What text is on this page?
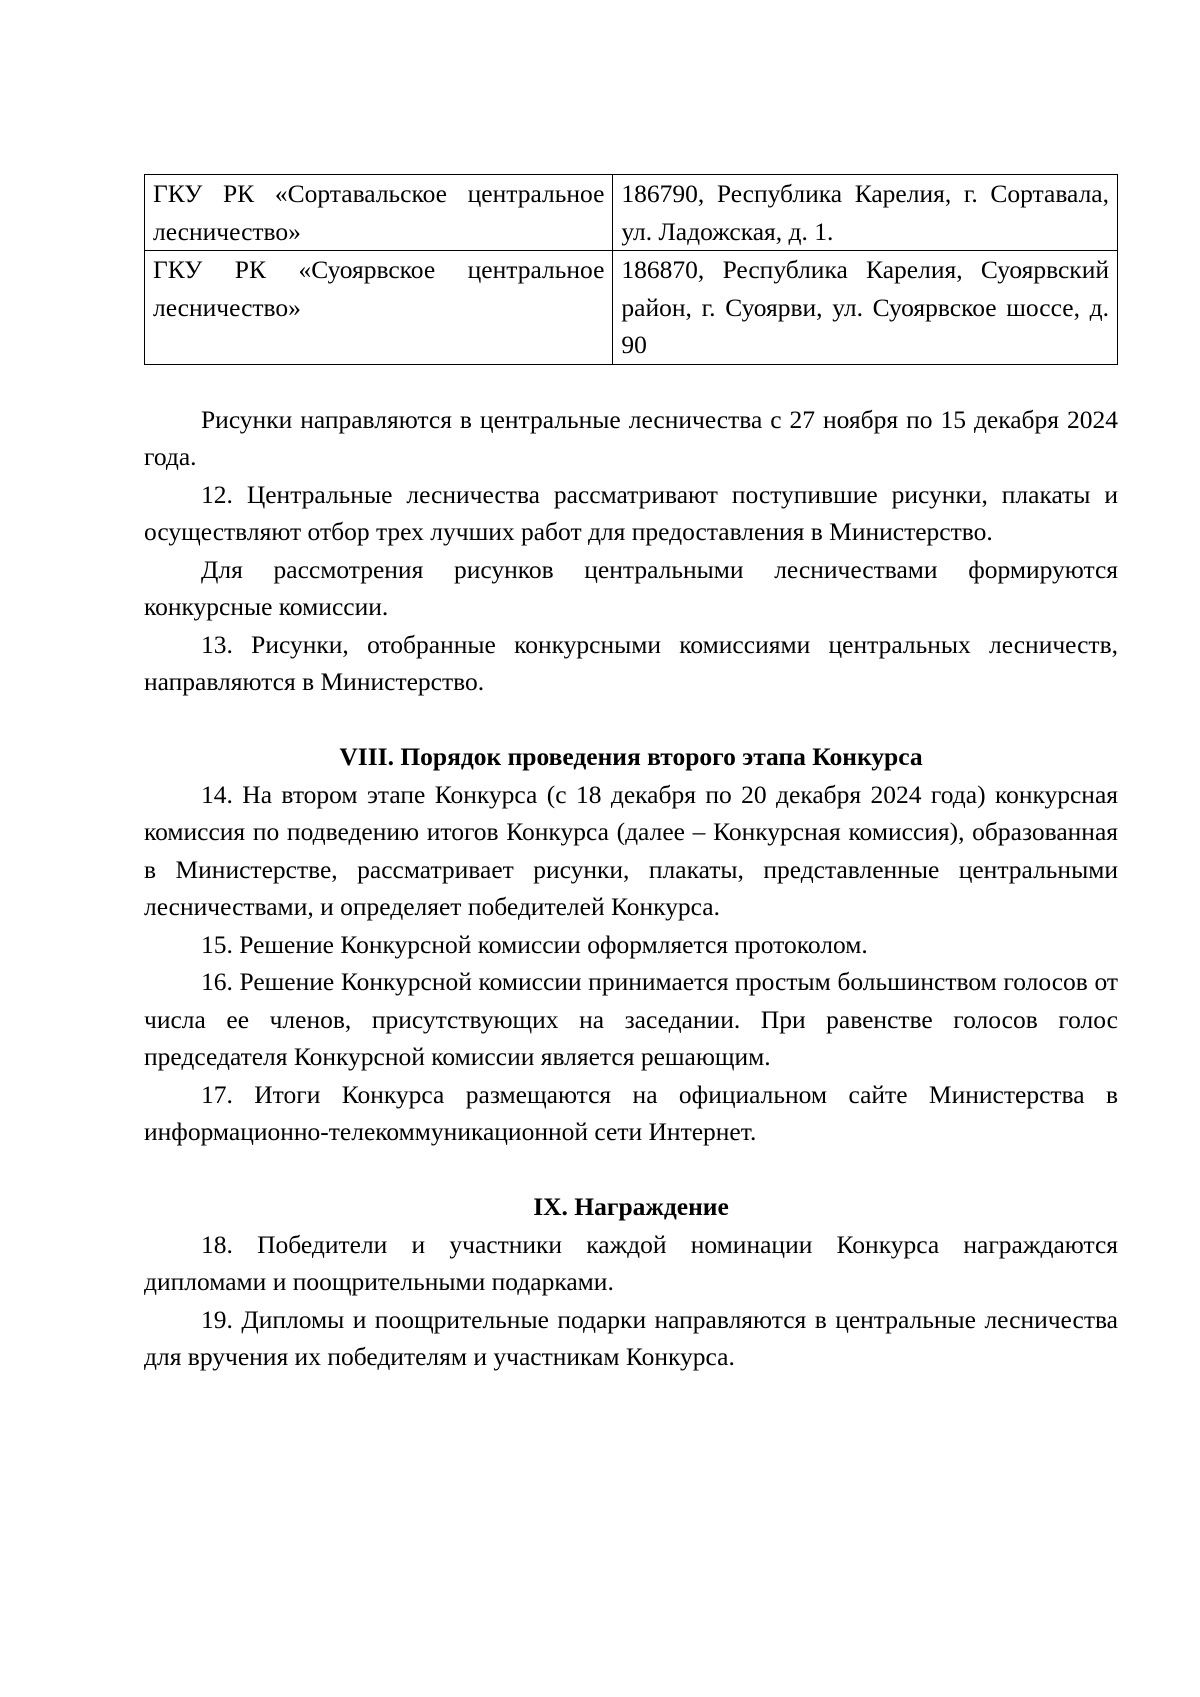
ГКУ РК «Сортавальское центральное лесничество»	186790, Республика Карелия, г. Сортавала, ул. Ладожская, д. 1.
ГКУ РК «Суоярвское центральное лесничество»	186870, Республика Карелия, Суоярвский район, г. Суоярви, ул. Суоярвское шоссе, д. 90

Рисунки направляются в центральные лесничества с 27 ноября по 15 декабря 2024 года.

12. Центральные лесничества рассматривают поступившие рисунки, плакаты и осуществляют отбор трех лучших работ для предоставления в Министерство.

Для рассмотрения рисунков центральными лесничествами формируются конкурсные комиссии.

13. Рисунки, отобранные конкурсными комиссиями центральных лесничеств, направляются в Министерство.

VIII. Порядок проведения второго этапа Конкурса

14. На втором этапе Конкурса (с 18 декабря по 20 декабря 2024 года) конкурсная комиссия по подведению итогов Конкурса (далее – Конкурсная комиссия), образованная в Министерстве, рассматривает рисунки, плакаты, представленные центральными лесничествами, и определяет победителей Конкурса.

15. Решение Конкурсной комиссии оформляется протоколом.

16. Решение Конкурсной комиссии принимается простым большинством голосов от числа ее членов, присутствующих на заседании. При равенстве голосов голос председателя Конкурсной комиссии является решающим.

17. Итоги Конкурса размещаются на официальном сайте Министерства в информационно-телекоммуникационной сети Интернет.

IX. Награждение

18. Победители и участники каждой номинации Конкурса награждаются дипломами и поощрительными подарками.

19. Дипломы и поощрительные подарки направляются в центральные лесничества для вручения их победителям и участникам Конкурса.
